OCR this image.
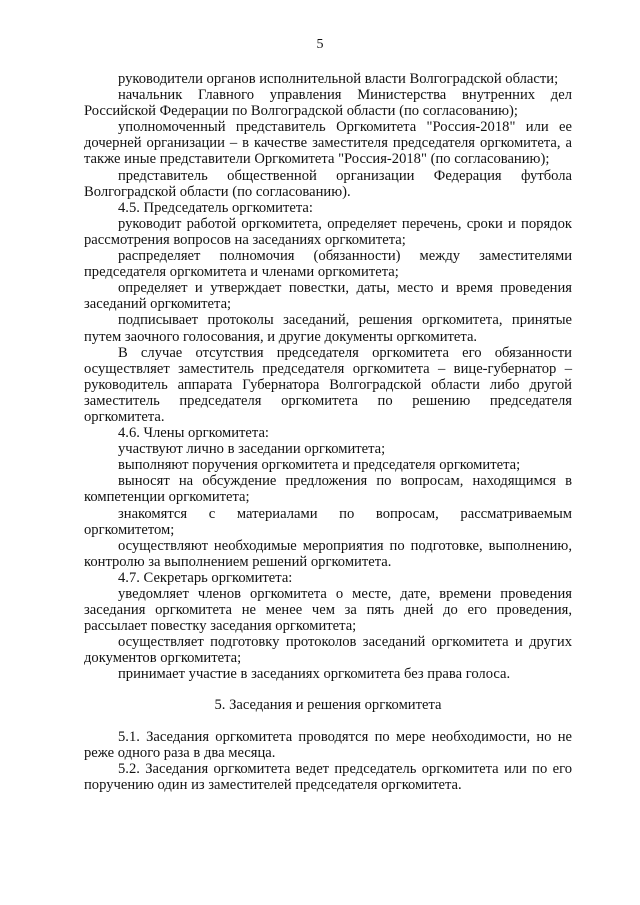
5

руководители органов исполнительной власти Волгоградской области;

начальник Главного управления Министерства внутренних дел Российской Федерации по Волгоградской области (по согласованию);

уполномоченный представитель Оргкомитета "Россия-2018" или ее дочерней организации – в качестве заместителя председателя оргкомитета, а также иные представители Оргкомитета "Россия-2018" (по согласованию);

представитель общественной организации Федерация футбола Волгоградской области (по согласованию).

4.5. Председатель оргкомитета:

руководит работой оргкомитета, определяет перечень, сроки и порядок рассмотрения вопросов на заседаниях оргкомитета;

распределяет полномочия (обязанности) между заместителями председателя оргкомитета и членами оргкомитета;

определяет и утверждает повестки, даты, место и время проведения заседаний оргкомитета;

подписывает протоколы заседаний, решения оргкомитета, принятые путем заочного голосования, и другие документы оргкомитета.

В случае отсутствия председателя оргкомитета его обязанности осуществляет заместитель председателя оргкомитета – вице-губернатор – руководитель аппарата Губернатора Волгоградской области либо другой заместитель председателя оргкомитета по решению председателя оргкомитета.

4.6. Члены оргкомитета:

участвуют лично в заседании оргкомитета;

выполняют поручения оргкомитета и председателя оргкомитета;

выносят на обсуждение предложения по вопросам, находящимся в компетенции оргкомитета;

знакомятся с материалами по вопросам, рассматриваемым оргкомитетом;

осуществляют необходимые мероприятия по подготовке, выполнению, контролю за выполнением решений оргкомитета.

4.7. Секретарь оргкомитета:

уведомляет членов оргкомитета о месте, дате, времени проведения заседания оргкомитета не менее чем за пять дней до его проведения, рассылает повестку заседания оргкомитета;

осуществляет подготовку протоколов заседаний оргкомитета и других документов оргкомитета;

принимает участие в заседаниях оргкомитета без права голоса.

5. Заседания и решения оргкомитета

5.1. Заседания оргкомитета проводятся по мере необходимости, но не реже одного раза в два месяца.

5.2. Заседания оргкомитета ведет председатель оргкомитета или по его поручению один из заместителей председателя оргкомитета.
